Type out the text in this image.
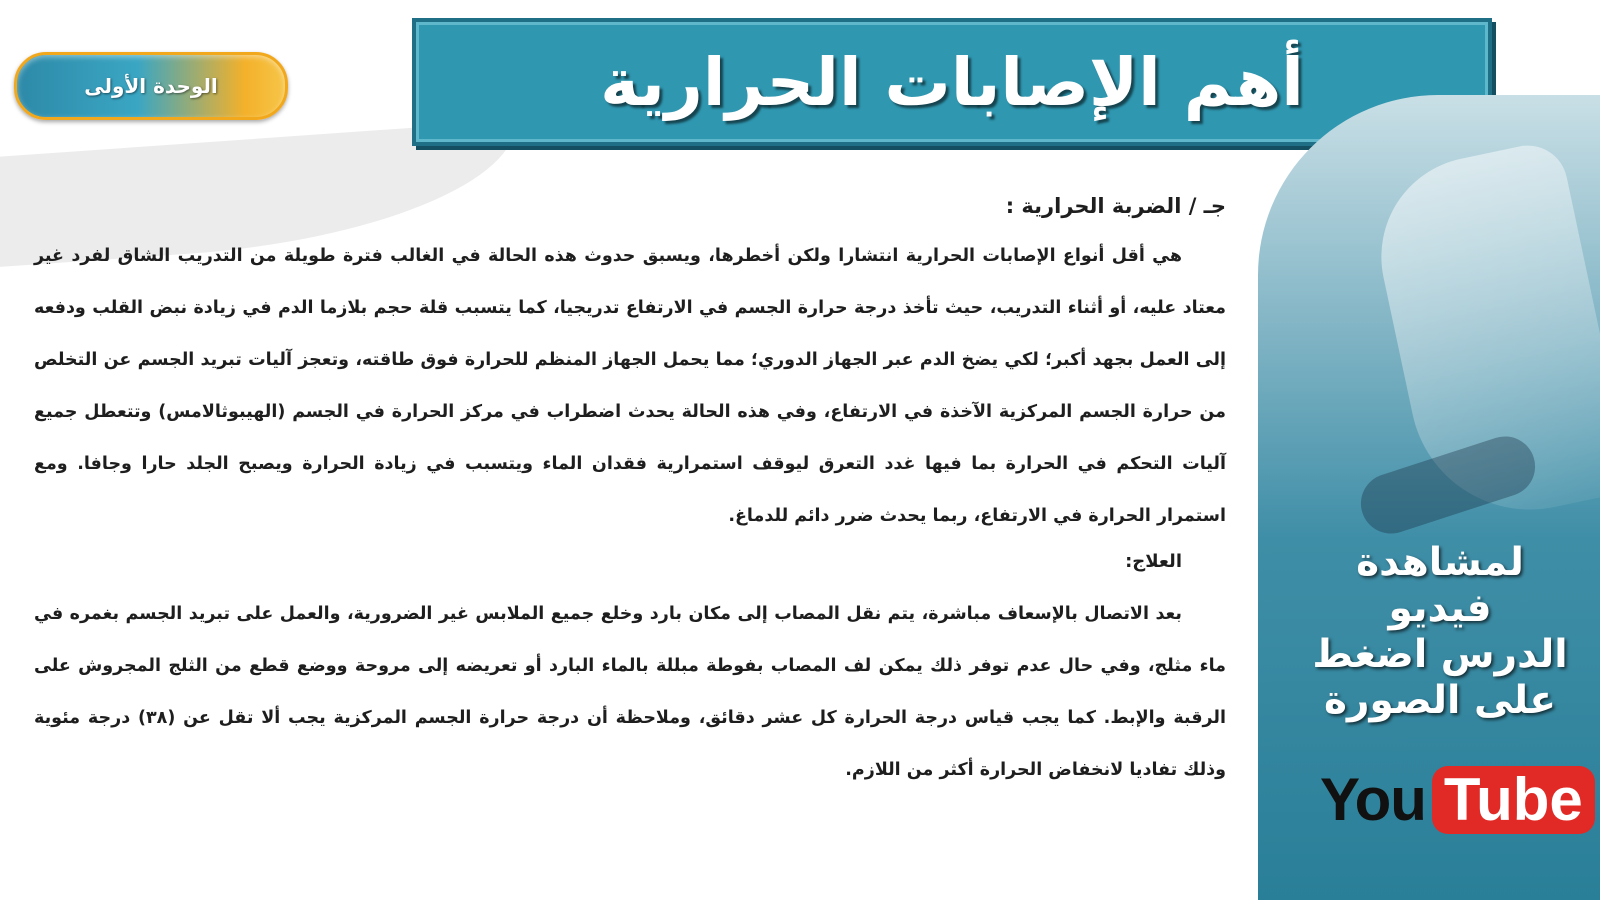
الوحدة الأولى	أهم الإصابات الحرارية
جـ / الضربة الحرارية :

هي أقل أنواع الإصابات الحرارية انتشارا ولكن أخطرها، ويسبق حدوث هذه الحالة في الغالب فترة طويلة من التدريب الشاق لفرد غير معتاد عليه، أو أثناء التدريب، حيث تأخذ درجة حرارة الجسم في الارتفاع تدريجيا، كما يتسبب قلة حجم بلازما الدم في زيادة نبض القلب ودفعه إلى العمل بجهد أكبر؛ لكي يضخ الدم عبر الجهاز الدوري؛ مما يحمل الجهاز المنظم للحرارة فوق طاقته، وتعجز آليات تبريد الجسم عن التخلص من حرارة الجسم المركزية الآخذة في الارتفاع، وفي هذه الحالة يحدث اضطراب في مركز الحرارة في الجسم (الهيبوثالامس) وتتعطل جميع آليات التحكم في الحرارة بما فيها غدد التعرق ليوقف استمرارية فقدان الماء ويتسبب في زيادة الحرارة ويصبح الجلد حارا وجافا. ومع استمرار الحرارة في الارتفاع، ربما يحدث ضرر دائم للدماغ.

العلاج:

بعد الاتصال بالإسعاف مباشرة، يتم نقل المصاب إلى مكان بارد وخلع جميع الملابس غير الضرورية، والعمل على تبريد الجسم بغمره في ماء مثلج، وفي حال عدم توفر ذلك يمكن لف المصاب بفوطة مبللة بالماء البارد أو تعريضه إلى مروحة ووضع قطع من الثلج المجروش على الرقبة والإبط. كما يجب قياس درجة الحرارة كل عشر دقائق، وملاحظة أن درجة حرارة الجسم المركزية يجب ألا تقل عن (٣٨) درجة مئوية وذلك تفاديا لانخفاض الحرارة أكثر من اللازم.

لمشاهدة فيديو
الدرس اضغط
على الصورة
You Tube
